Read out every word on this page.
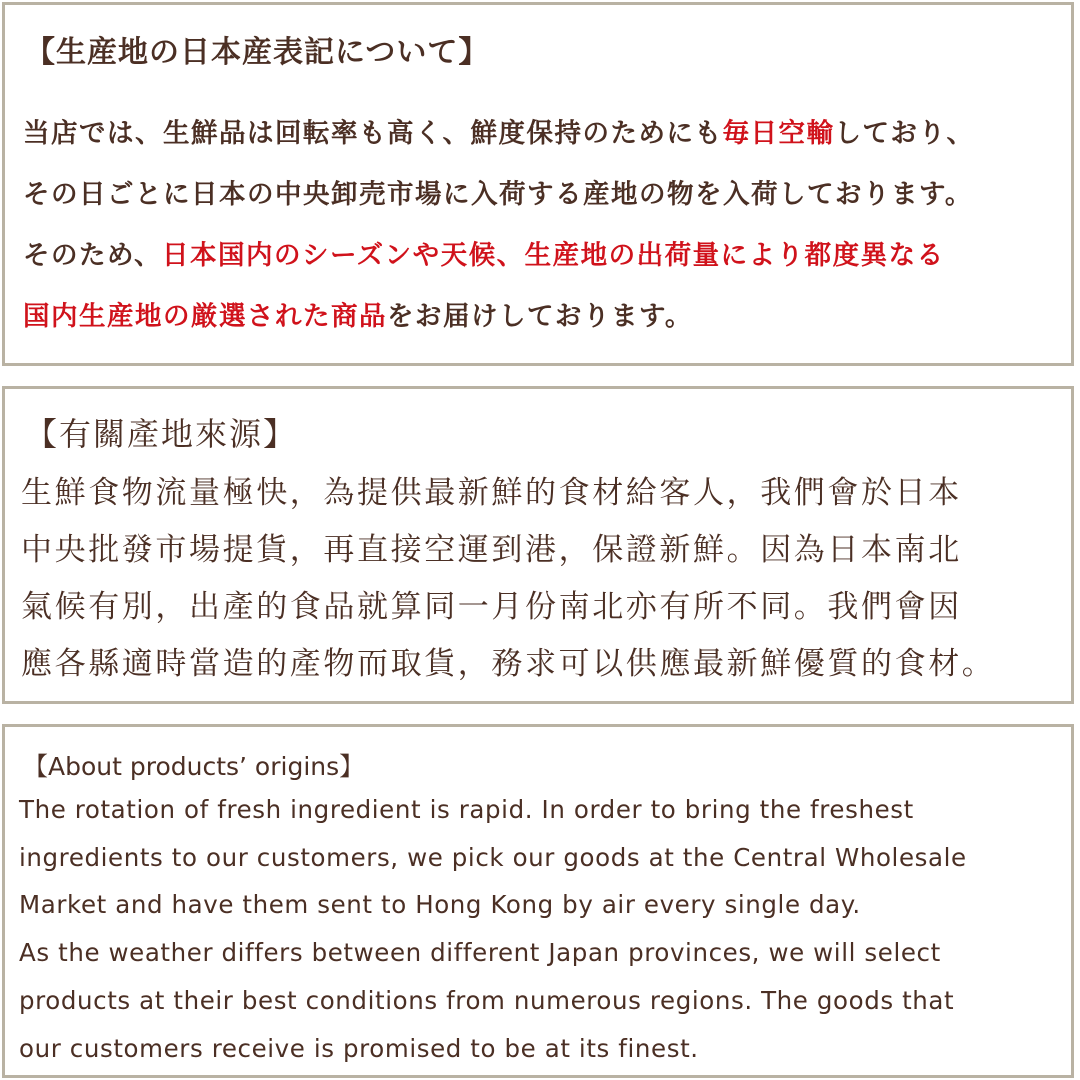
【生産地の日本産表記について】
当店では、生鮮品は回転率も高く、鮮度保持のためにも毎日空輸しており、
その日ごとに日本の中央卸売市場に入荷する産地の物を入荷しております。
そのため、日本国内のシーズンや天候、生産地の出荷量により都度異なる
国内生産地の厳選された商品をお届けしております。
【有關產地來源】
生鮮食物流量極快，為提供最新鮮的食材給客人，我們會於日本
中央批發市場提貨，再直接空運到港，保證新鮮。因為日本南北
氣候有別，出產的食品就算同一月份南北亦有所不同。我們會因
應各縣適時當造的產物而取貨，務求可以供應最新鮮優質的食材。
【About products’ origins】
The rotation of fresh ingredient is rapid. In order to bring the freshest
ingredients to our customers, we pick our goods at the Central Wholesale
Market and have them sent to Hong Kong by air every single day.
As the weather differs between different Japan provinces, we will select
products at their best conditions from numerous regions. The goods that
our customers receive is promised to be at its finest.
